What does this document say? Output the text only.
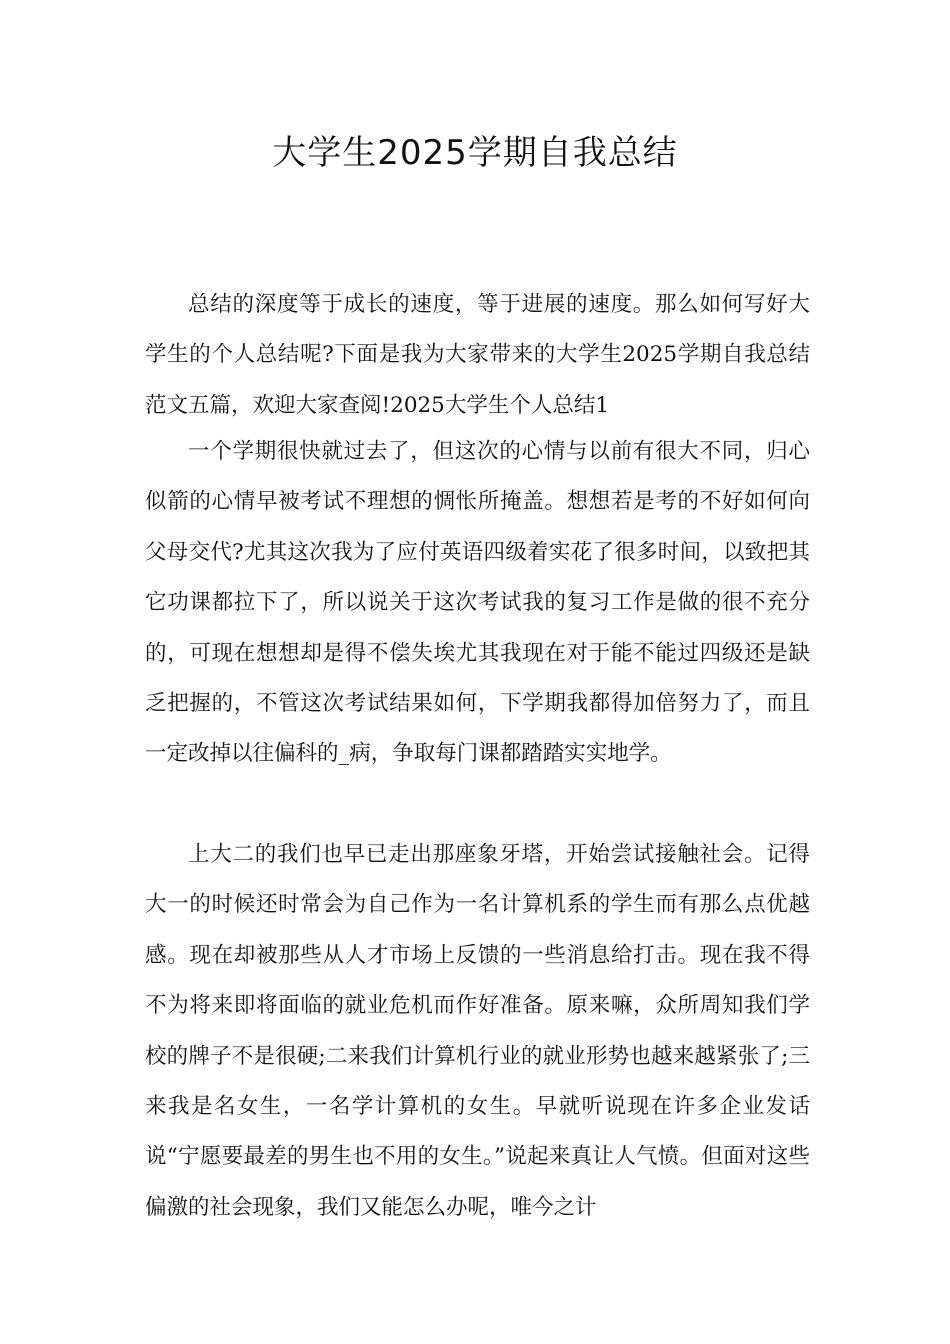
大学生2025学期自我总结

总结的深度等于成长的速度，等于进展的速度。那么如何写好大学生的个人总结呢?下面是我为大家带来的大学生2025学期自我总结范文五篇，欢迎大家查阅!2025大学生个人总结1

一个学期很快就过去了，但这次的心情与以前有很大不同，归心似箭的心情早被考试不理想的惆怅所掩盖。想想若是考的不好如何向父母交代?尤其这次我为了应付英语四级着实花了很多时间，以致把其它功课都拉下了，所以说关于这次考试我的复习工作是做的很不充分的，可现在想想却是得不偿失埃尤其我现在对于能不能过四级还是缺乏把握的，不管这次考试结果如何，下学期我都得加倍努力了，而且一定改掉以往偏科的_病，争取每门课都踏踏实实地学。

上大二的我们也早已走出那座象牙塔，开始尝试接触社会。记得大一的时候还时常会为自己作为一名计算机系的学生而有那么点优越感。现在却被那些从人才市场上反馈的一些消息给打击。现在我不得不为将来即将面临的就业危机而作好准备。原来嘛，众所周知我们学校的牌子不是很硬;二来我们计算机行业的就业形势也越来越紧张了;三来我是名女生，一名学计算机的女生。早就听说现在许多企业发话说“宁愿要最差的男生也不用的女生。”说起来真让人气愤。但面对这些偏激的社会现象，我们又能怎么办呢，唯今之计
